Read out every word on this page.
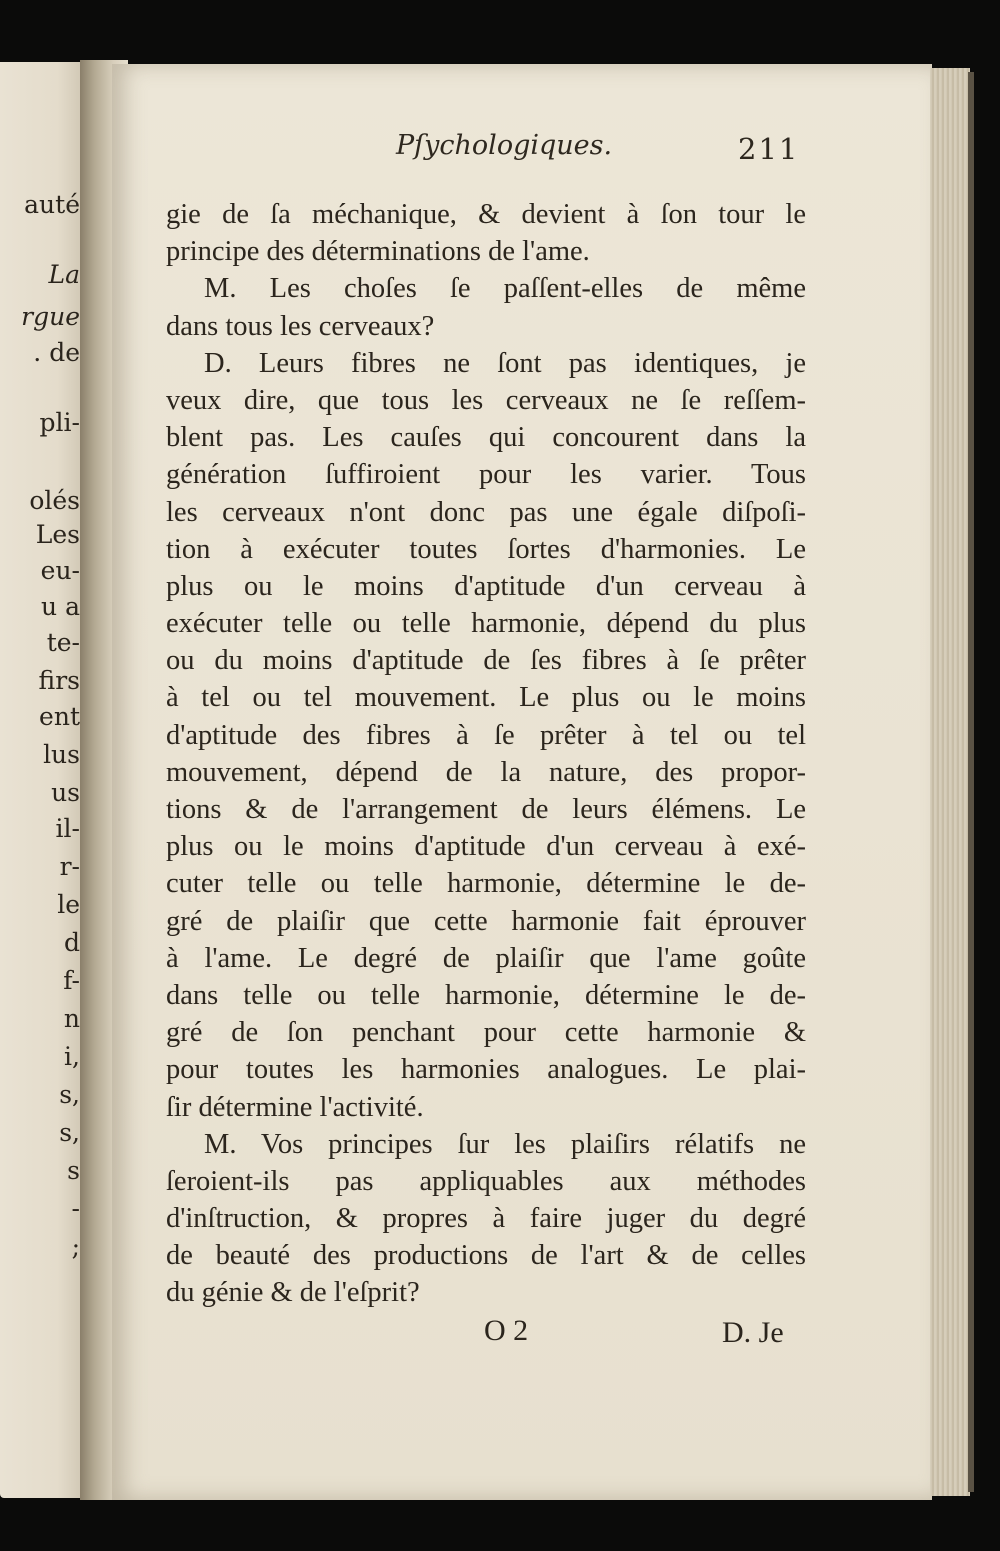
auté
La
rgue
. de
pli-
olés
Les
eu-
u a
te-
firs
ent
lus
us
il-
r-
le
d
f-
n
i,
s,
s,
s
-
;
Pſychologiques.	211
gie de ſa méchanique, & devient à ſon tour le
principe des déterminations de l'ame.
M. Les choſes ſe paſſent-elles de même
dans tous les cerveaux?
D. Leurs fibres ne ſont pas identiques, je
veux dire, que tous les cerveaux ne ſe reſſem-
blent pas. Les cauſes qui concourent dans la
génération ſuffiroient pour les varier. Tous
les cerveaux n'ont donc pas une égale diſpoſi-
tion à exécuter toutes ſortes d'harmonies. Le
plus ou le moins d'aptitude d'un cerveau à
exécuter telle ou telle harmonie, dépend du plus
ou du moins d'aptitude de ſes fibres à ſe prêter
à tel ou tel mouvement. Le plus ou le moins
d'aptitude des fibres à ſe prêter à tel ou tel
mouvement, dépend de la nature, des propor-
tions & de l'arrangement de leurs élémens. Le
plus ou le moins d'aptitude d'un cerveau à exé-
cuter telle ou telle harmonie, détermine le de-
gré de plaiſir que cette harmonie fait éprouver
à l'ame. Le degré de plaiſir que l'ame goûte
dans telle ou telle harmonie, détermine le de-
gré de ſon penchant pour cette harmonie &
pour toutes les harmonies analogues. Le plai-
ſir détermine l'activité.
M. Vos principes ſur les plaiſirs rélatifs ne
ſeroient-ils pas appliquables aux méthodes
d'inſtruction, & propres à faire juger du degré
de beauté des productions de l'art & de celles
du génie & de l'eſprit?
O 2	D. Je
